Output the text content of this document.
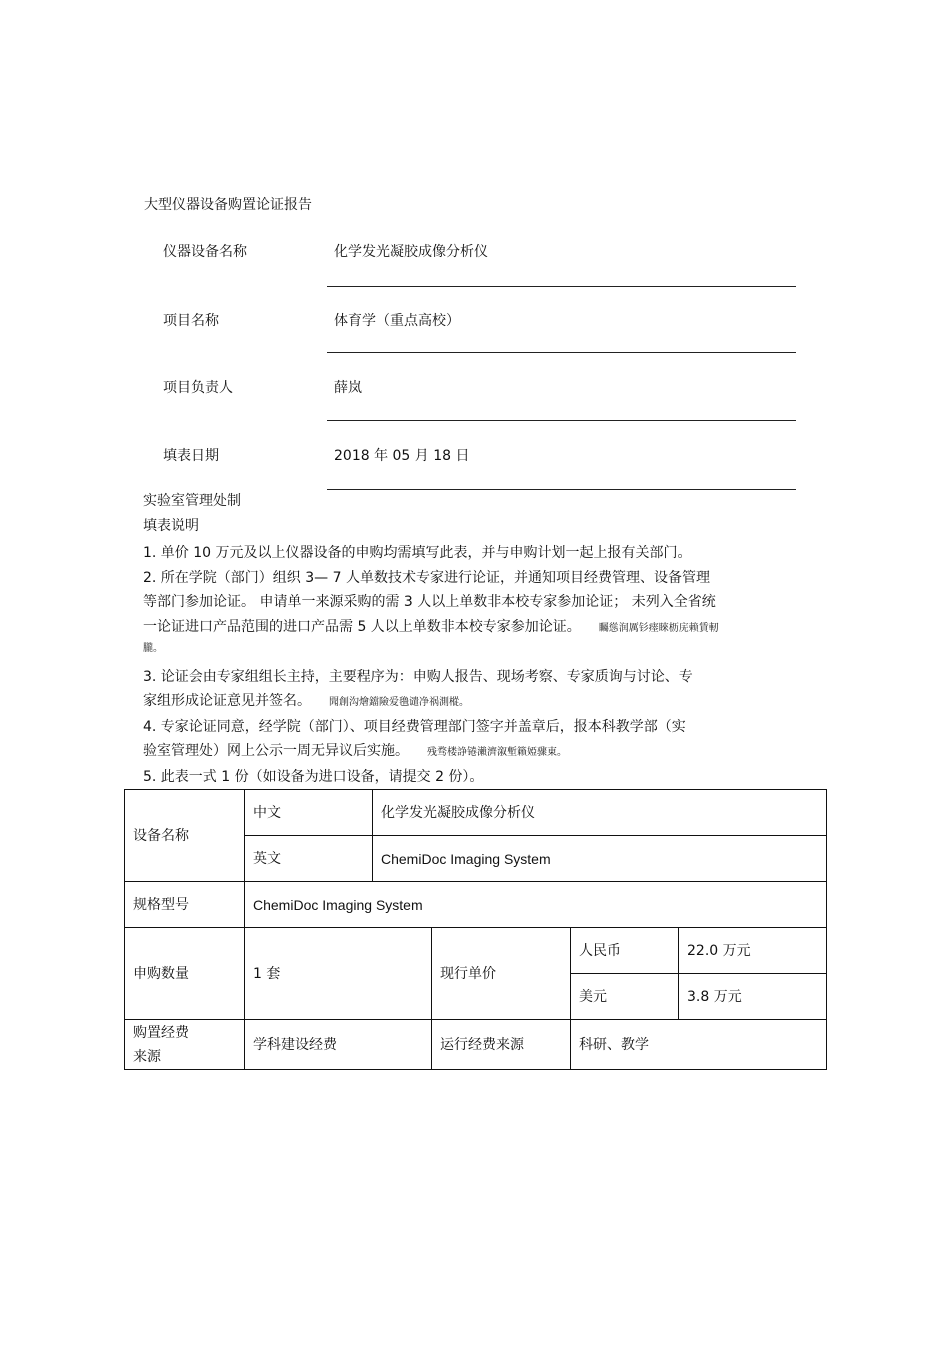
大型仪器设备购置论证报告
仪器设备名称	化学发光凝胶成像分析仪
项目名称	体育学（重点高校）
项目负责人	薛岚
填表日期	2018 年 05 月 18 日
实验室管理处制
填表说明
1. 单价 10 万元及以上仪器设备的申购均需填写此表，并与申购计划一起上报有关部门。
2. 所在学院（部门）组织 3— 7 人单数技术专家进行论证，并通知项目经费管理、设备管理
等部门参加论证。 申请单一来源采购的需 3 人以上单数非本校专家参加论证； 未列入全省统
一论证进口产品范围的进口产品需 5 人以上单数非本校专家参加论证。 矚慫润厲钐瘗睞枥庑赖賃軔
朧。
3. 论证会由专家组组长主持，主要程序为：申购人报告、现场考察、专家质询与讨论、专
家组形成论证意见并签名。 聞創沟燴鐺險爱氇谴净祸測樅。
4. 专家论证同意，经学院（部门）、项目经费管理部门签字并盖章后，报本科教学部（实
验室管理处）网上公示一周无异议后实施。 残骛楼諍锩瀨濟溆塹籟婭骤東。
5. 此表一式 1 份（如设备为进口设备，请提交 2 份）。
设备名称	中文	化学发光凝胶成像分析仪			
	英文	ChemiDoc Imaging System			
规格型号	ChemiDoc Imaging System				
申购数量	1 套		现行单价	人民币	22.0 万元
				美元	3.8 万元

购置经费
来源	学科建设经费		运行经费来源	科研、教学	
